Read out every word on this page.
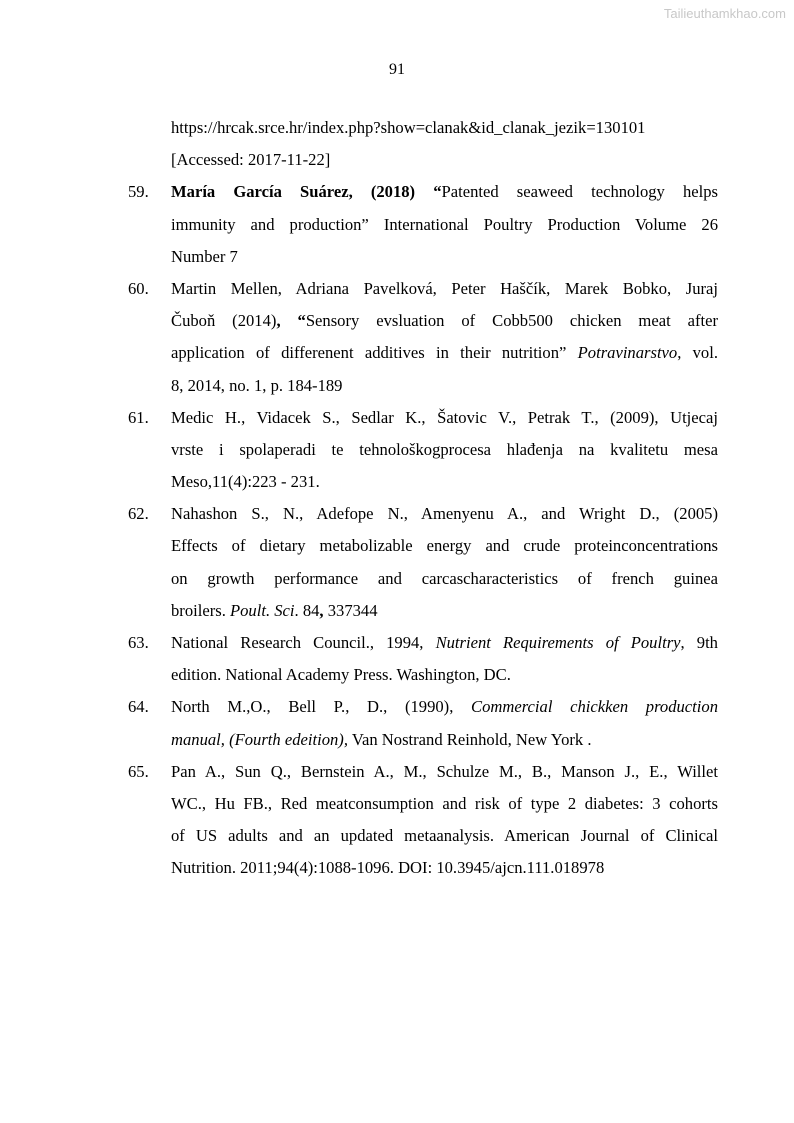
Tailieuthamkhao.com
91
https://hrcak.srce.hr/index.php?show=clanak&id_clanak_jezik=130101
[Accessed: 2017-11-22]
59. María García Suárez, (2018) “Patented seaweed technology helps
immunity and production” International Poultry Production Volume 26
Number 7
60. Martin Mellen, Adriana Pavelková, Peter Haščík, Marek Bobko, Juraj
Čuboň (2014), “Sensory evsluation of Cobb500 chicken meat after
application of differenent additives in their nutrition” Potravinarstvo, vol.
8, 2014, no. 1, p. 184-189
61. Medic H., Vidacek S., Sedlar K., Šatovic V., Petrak T., (2009), Utjecaj
vrste i spolaperadi te tehnološkogprocesa hlađenja na kvalitetu mesa
Meso,11(4):223 - 231.
62. Nahashon S., N., Adefope N., Amenyenu A., and Wright D., (2005)
Effects of dietary metabolizable energy and crude proteinconcentrations
on growth performance and carcascharacteristics of french guinea
broilers. Poult. Sci. 84, 337344
63. National Research Council., 1994, Nutrient Requirements of Poultry, 9th
edition. National Academy Press. Washington, DC.
64. North M.,O., Bell P., D., (1990), Commercial chickken production
manual, (Fourth edeition), Van Nostrand Reinhold, New York .
65. Pan A., Sun Q., Bernstein A., M., Schulze M., B., Manson J., E., Willet
WC., Hu FB., Red meatconsumption and risk of type 2 diabetes: 3 cohorts
of US adults and an updated metaanalysis. American Journal of Clinical
Nutrition. 2011;94(4):1088-1096. DOI: 10.3945/ajcn.111.018978
